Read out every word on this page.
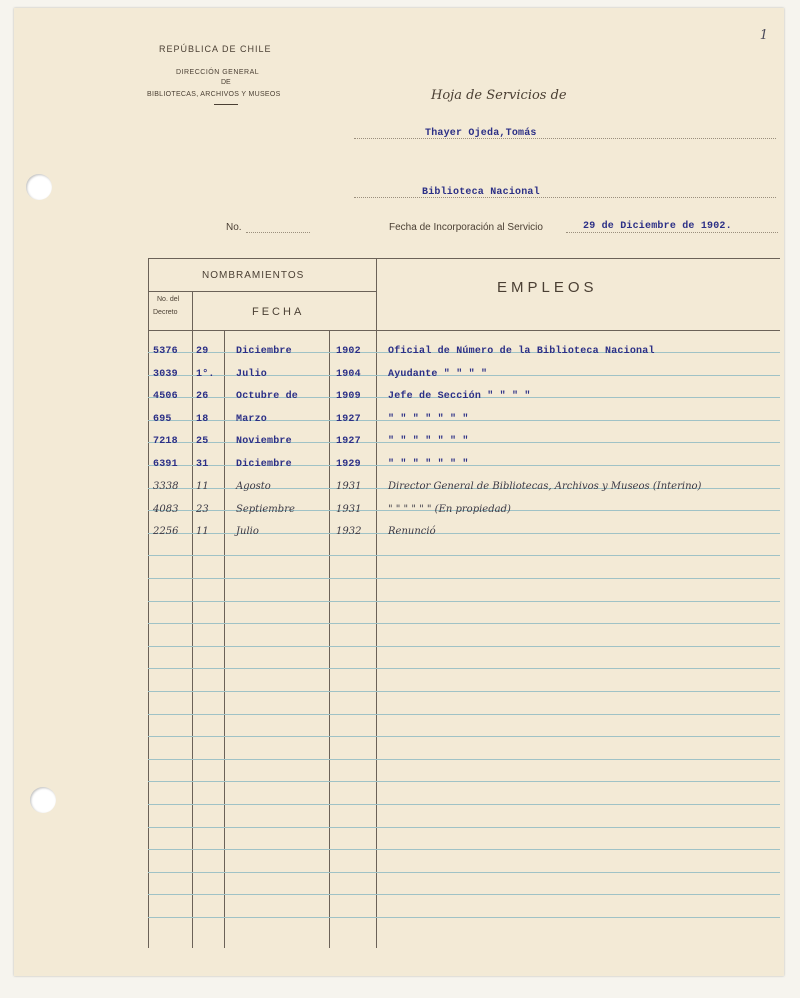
1
REPÚBLICA DE CHILE
DIRECCIÓN GENERAL
DE
BIBLIOTECAS, ARCHIVOS Y MUSEOS	Hoja de Servicios de
Thayer Ojeda,Tomás
Biblioteca Nacional
No.	Fecha de Incorporación al Servicio	29 de Diciembre de 1902.
NOMBRAMIENTOS
No. del
Decreto	FECHA
EMPLEOS
5376 29	Diciembre	1902	Oficial de Número de la Biblioteca Nacional
3039 1°. Julio	1904	Ayudante " " " "
4506 26	Octubre de	1909	Jefe de Sección " " " "
695 18	Marzo	1927	" " " " " " "
7218 25	Noviembre	1927	" " " " " " "
6391 31	Diciembre	1929	" " " " " " "
3338 11	Agosto	1931	Director General de Bibliotecas, Archivos y Museos (Interino)
4083 23	Septiembre	1931	" " " " " " (En propiedad)
2256 11	Julio	1932	Renunció
